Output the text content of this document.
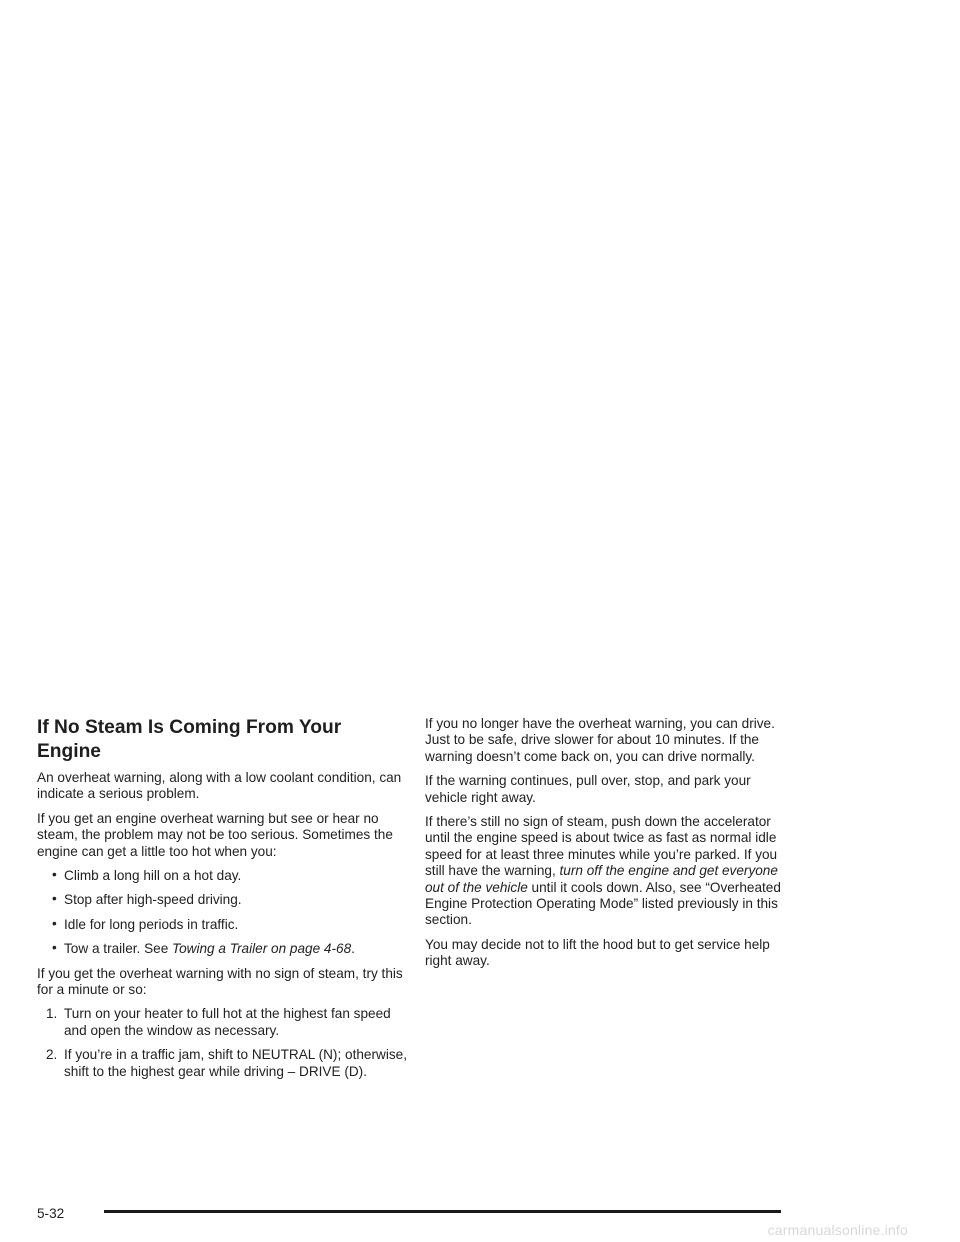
If No Steam Is Coming From Your Engine

An overheat warning, along with a low coolant condition, can indicate a serious problem.

If you get an engine overheat warning but see or hear no steam, the problem may not be too serious. Sometimes the engine can get a little too hot when you:

• Climb a long hill on a hot day.
• Stop after high-speed driving.
• Idle for long periods in traffic.
• Tow a trailer. See Towing a Trailer on page 4-68.

If you get the overheat warning with no sign of steam, try this for a minute or so:

1. Turn on your heater to full hot at the highest fan speed and open the window as necessary.
2. If you’re in a traffic jam, shift to NEUTRAL (N); otherwise, shift to the highest gear while driving – DRIVE (D).

If you no longer have the overheat warning, you can drive. Just to be safe, drive slower for about 10 minutes. If the warning doesn’t come back on, you can drive normally.

If the warning continues, pull over, stop, and park your vehicle right away.

If there’s still no sign of steam, push down the accelerator until the engine speed is about twice as fast as normal idle speed for at least three minutes while you’re parked. If you still have the warning, turn off the engine and get everyone out of the vehicle until it cools down. Also, see “Overheated Engine Protection Operating Mode” listed previously in this section.

You may decide not to lift the hood but to get service help right away.

5-32
carmanualsonline.info
